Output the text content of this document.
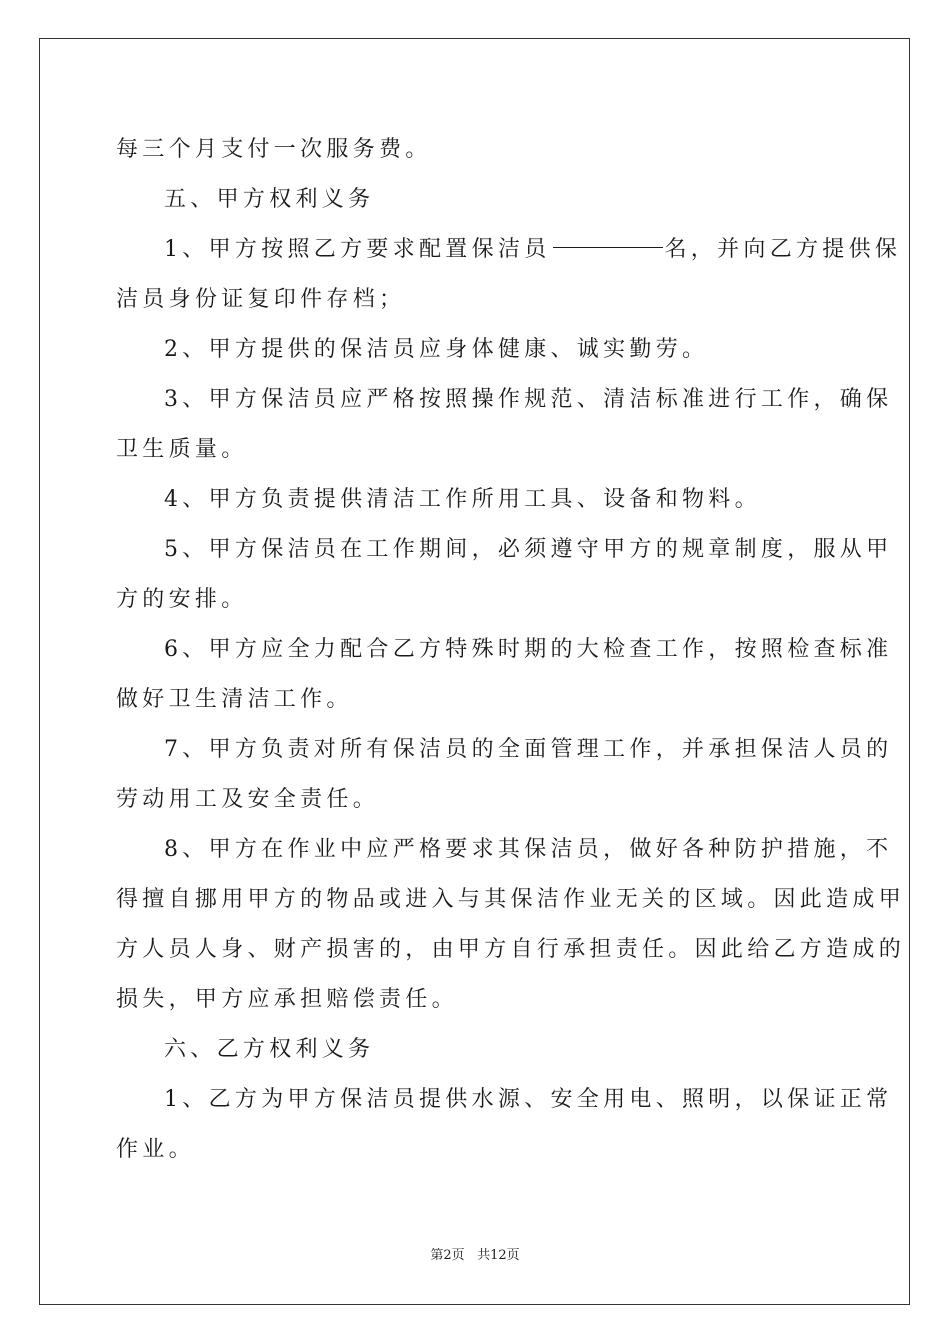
每三个月支付一次服务费。
五、甲方权利义务
1、甲方按照乙方要求配置保洁员	名，并向乙方提供保
洁员身份证复印件存档；
2、甲方提供的保洁员应身体健康、诚实勤劳。
3、甲方保洁员应严格按照操作规范、清洁标准进行工作，确保
卫生质量。
4、甲方负责提供清洁工作所用工具、设备和物料。
5、甲方保洁员在工作期间，必须遵守甲方的规章制度，服从甲
方的安排。
6、甲方应全力配合乙方特殊时期的大检查工作，按照检查标准
做好卫生清洁工作。
7、甲方负责对所有保洁员的全面管理工作，并承担保洁人员的
劳动用工及安全责任。
8、甲方在作业中应严格要求其保洁员，做好各种防护措施，不
得擅自挪用甲方的物品或进入与其保洁作业无关的区域。因此造成甲
方人员人身、财产损害的，由甲方自行承担责任。因此给乙方造成的
损失，甲方应承担赔偿责任。
六、乙方权利义务
1、乙方为甲方保洁员提供水源、安全用电、照明，以保证正常
作业。
第2页 共12页
